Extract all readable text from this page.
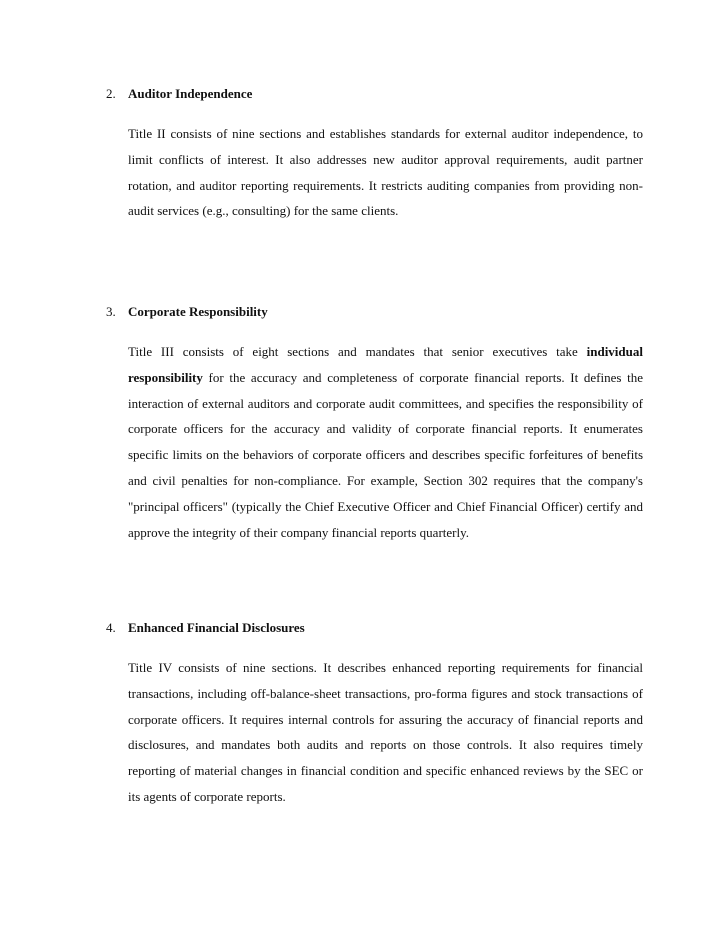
2. Auditor Independence

Title II consists of nine sections and establishes standards for external auditor independence, to limit conflicts of interest. It also addresses new auditor approval requirements, audit partner rotation, and auditor reporting requirements. It restricts auditing companies from providing non-audit services (e.g., consulting) for the same clients.

3. Corporate Responsibility

Title III consists of eight sections and mandates that senior executives take individual responsibility for the accuracy and completeness of corporate financial reports. It defines the interaction of external auditors and corporate audit committees, and specifies the responsibility of corporate officers for the accuracy and validity of corporate financial reports. It enumerates specific limits on the behaviors of corporate officers and describes specific forfeitures of benefits and civil penalties for non-compliance. For example, Section 302 requires that the company's "principal officers" (typically the Chief Executive Officer and Chief Financial Officer) certify and approve the integrity of their company financial reports quarterly.

4. Enhanced Financial Disclosures

Title IV consists of nine sections. It describes enhanced reporting requirements for financial transactions, including off-balance-sheet transactions, pro-forma figures and stock transactions of corporate officers. It requires internal controls for assuring the accuracy of financial reports and disclosures, and mandates both audits and reports on those controls. It also requires timely reporting of material changes in financial condition and specific enhanced reviews by the SEC or its agents of corporate reports.
